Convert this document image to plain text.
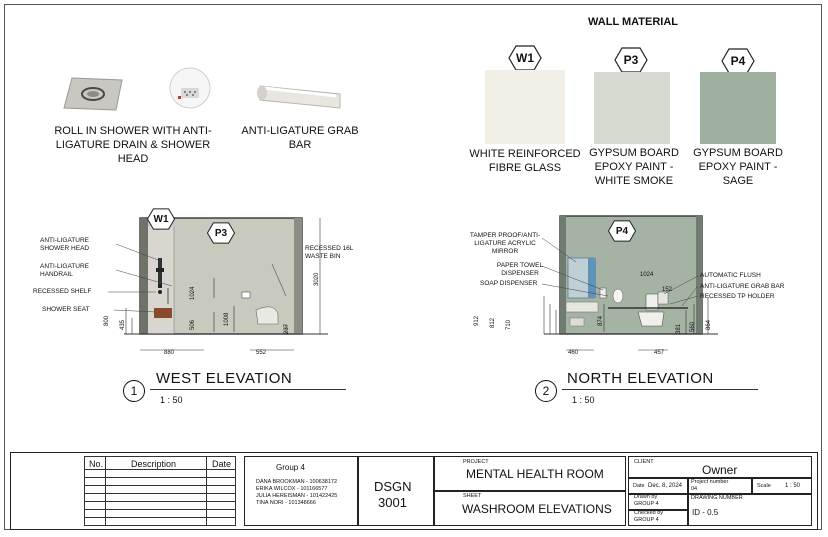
ROLL IN SHOWER WITH ANTI-LIGATURE DRAIN & SHOWER HEAD
ANTI-LIGATURE GRAB BAR
WALL MATERIAL
W1	P3	P4
WHITE REINFORCED FIBRE GLASS
GYPSUM BOARD EPOXY PAINT -WHITE SMOKE
GYPSUM BOARD EPOXY PAINT -SAGE
W1
P3
ANTI-LIGATURE SHOWER HEAD
ANTI-LIGATURE HANDRAIL
RECESSED SHELF
SHOWER SEAT
RECESSED 16L WASTE BIN
880	552
3020
1024
800 435	506	1008
237
1
WEST ELEVATION
1 : 50
P4
TAMPER PROOF/ANTI-LIGATURE ACRYLIC MIRROR
PAPER TOWEL DISPENSER
SOAP DISPENSER
AUTOMATIC FLUSH
ANTI-LIGATURE GRAB BAR
RECESSED TP HOLDER
460	457
1024
152
912 812 710	874
381 560 864
2
NORTH ELEVATION
1 : 50
No.	Description	Date	Group 4
DANA BROOKMAN - 100638172
ERIKA WILCOX - 101166577
JULIA HEREISMAN - 101422425
TINA NORI - 101348666
DSGN
3001
PROJECT
MENTAL HEALTH ROOM
SHEET
WASHROOM ELEVATIONS
CLIENT
Owner
Date Dec. 8, 2024
Project number
04	Scale 1 : 50
Drawn by
GROUP 4
Checked by
GROUP 4
DRAWING NUMBER
ID - 0.5
